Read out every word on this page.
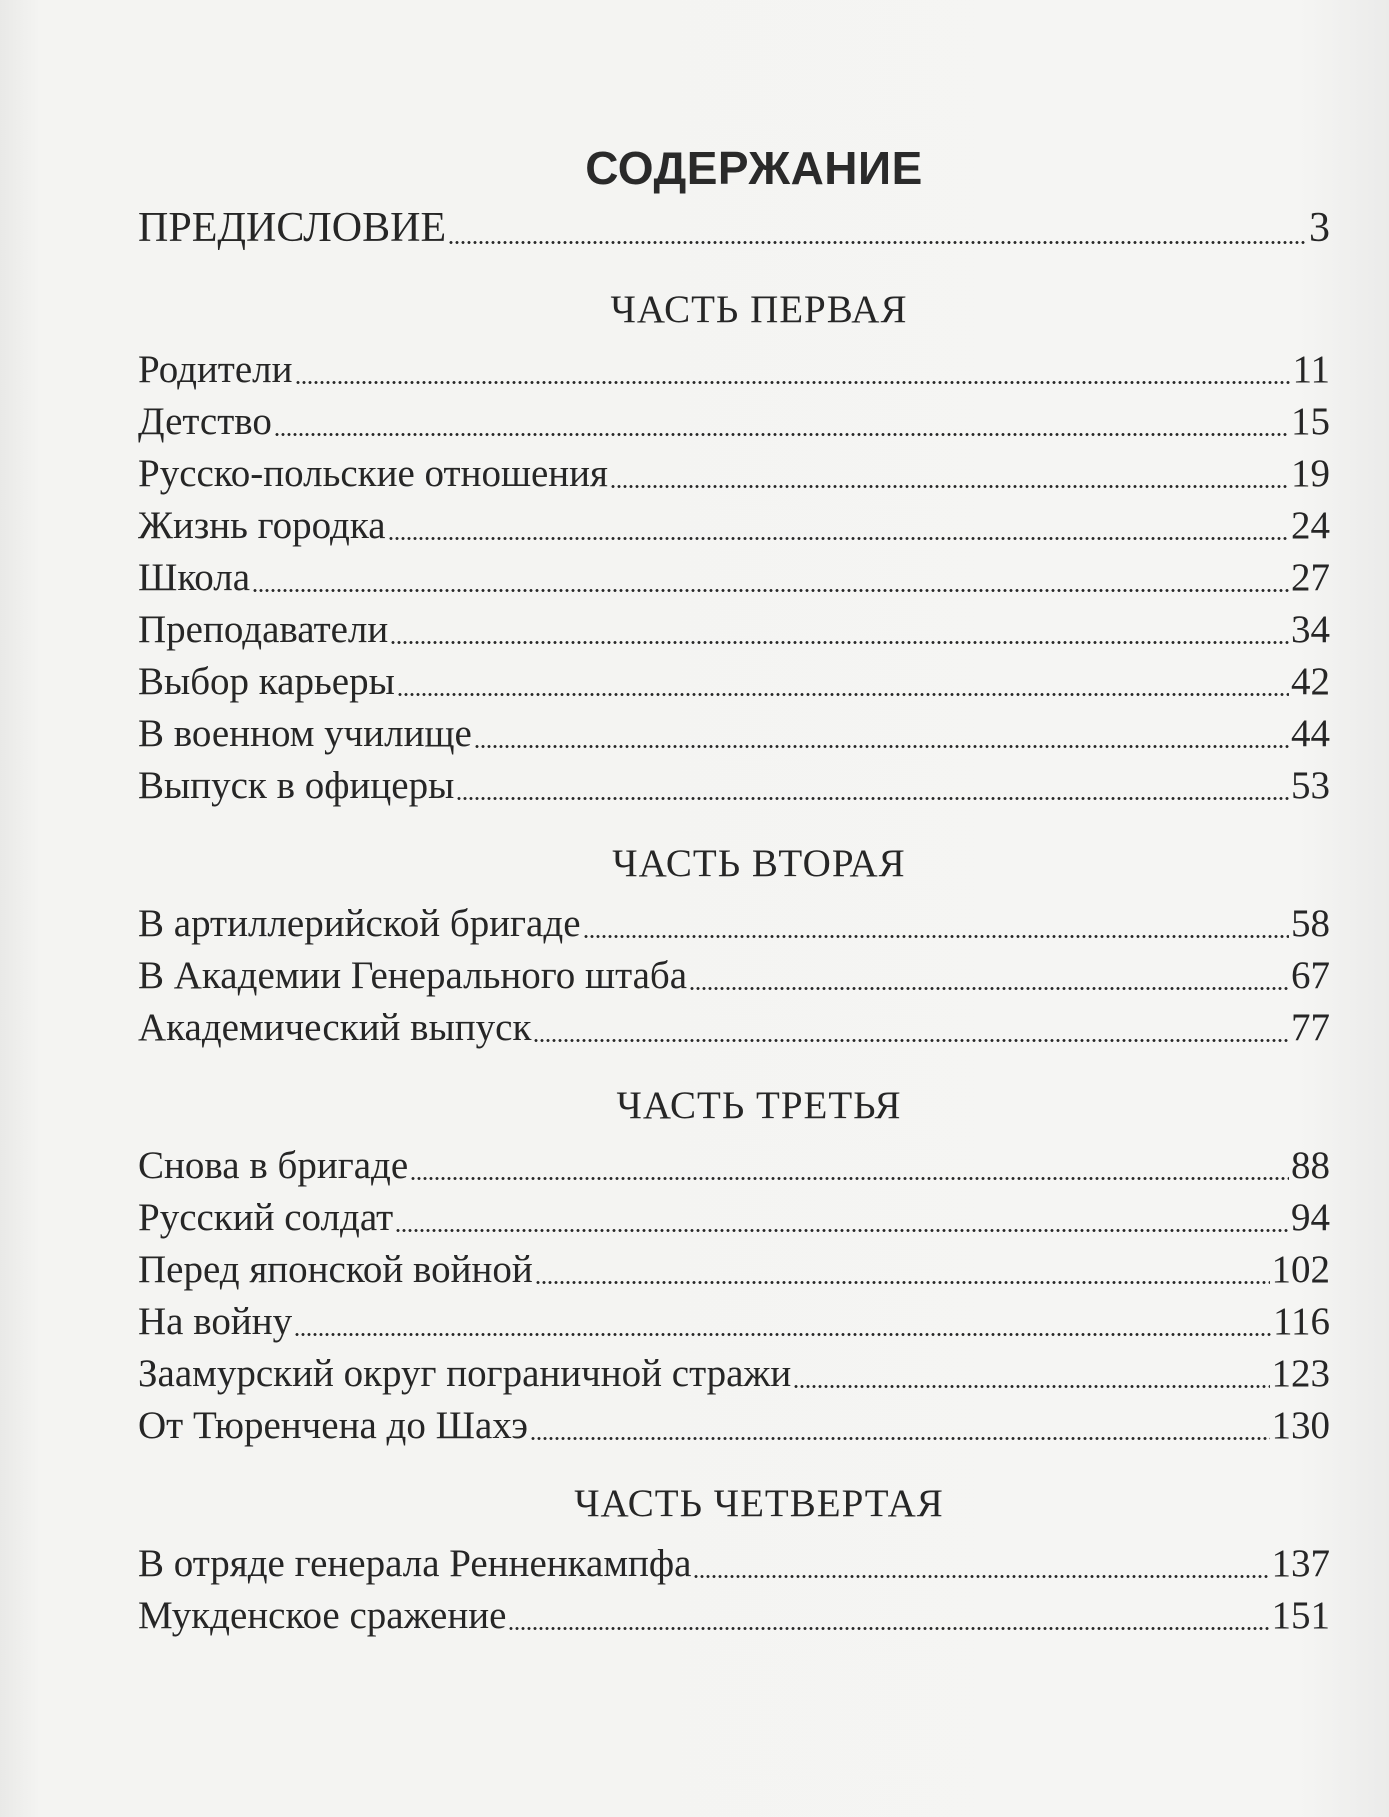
СОДЕРЖАНИЕ
ПРЕДИСЛОВИЕ	3
ЧАСТЬ ПЕРВАЯ
Родители	11
Детство	15
Русско-польские отношения	19
Жизнь городка	24
Школа	27
Преподаватели	34
Выбор карьеры	42
В военном училище	44
Выпуск в офицеры	53
ЧАСТЬ ВТОРАЯ
В артиллерийской бригаде	58
В Академии Генерального штаба	67
Академический выпуск	77
ЧАСТЬ ТРЕТЬЯ
Снова в бригаде	88
Русский солдат	94
Перед японской войной	102
На войну	116
Заамурский округ пограничной стражи	123
От Тюренчена до Шахэ	130
ЧАСТЬ ЧЕТВЕРТАЯ
В отряде генерала Ренненкампфа	137
Мукденское сражение	151
